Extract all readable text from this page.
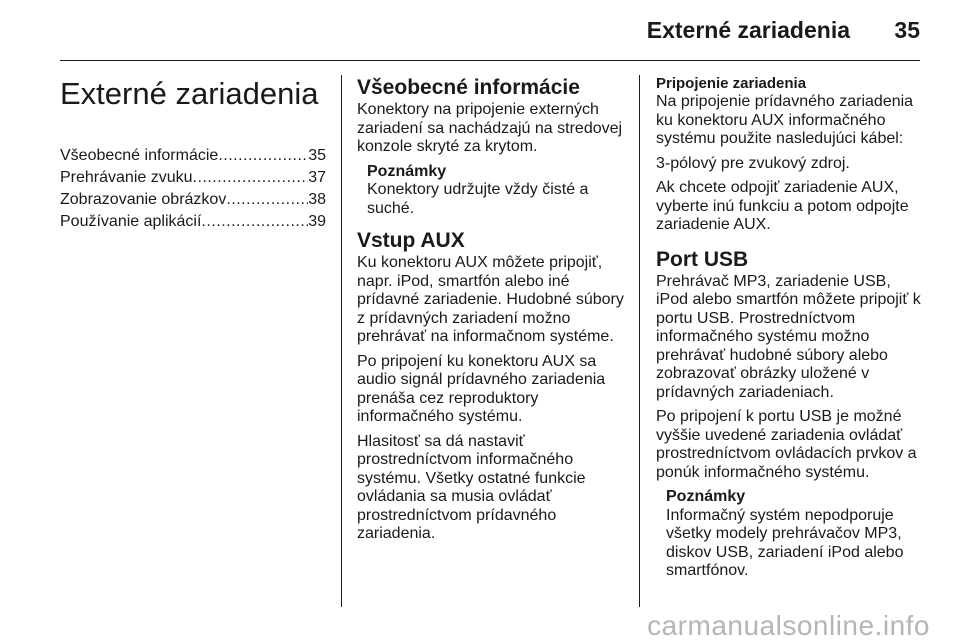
Externé zariadenia 35
Externé zariadenia
Všeobecné informácie .....	35
Prehrávanie zvuku .....	37
Zobrazovanie obrázkov .....	38
Používanie aplikácií .....	39
Všeobecné informácie

Konektory na pripojenie externých zariadení sa nachádzajú na stredovej konzole skryté za krytom.

Poznámky
Konektory udržujte vždy čisté a suché.
Vstup AUX

Ku konektoru AUX môžete pripojiť, napr. iPod, smartfón alebo iné prídavné zariadenie. Hudobné súbory z prídavných zariadení možno prehrávať na informačnom systéme.

Po pripojení ku konektoru AUX sa audio signál prídavného zariadenia prenáša cez reproduktory informačného systému.

Hlasitosť sa dá nastaviť prostredníctvom informačného systému. Všetky ostatné funkcie ovládania sa musia ovládať prostredníctvom prídavného zariadenia.

Pripojenie zariadenia

Na pripojenie prídavného zariadenia ku konektoru AUX informačného systému použite nasledujúci kábel:

3-pólový pre zvukový zdroj.

Ak chcete odpojiť zariadenie AUX, vyberte inú funkciu a potom odpojte zariadenie AUX.

Port USB

Prehrávač MP3, zariadenie USB, iPod alebo smartfón môžete pripojiť k portu USB. Prostredníctvom informačného systému možno prehrávať hudobné súbory alebo zobrazovať obrázky uložené v prídavných zariadeniach.

Po pripojení k portu USB je možné vyššie uvedené zariadenia ovládať prostredníctvom ovládacích prvkov a ponúk informačného systému.

Poznámky
Informačný systém nepodporuje všetky modely prehrávačov MP3, diskov USB, zariadení iPod alebo smartfónov.
carmanualsonline.info
